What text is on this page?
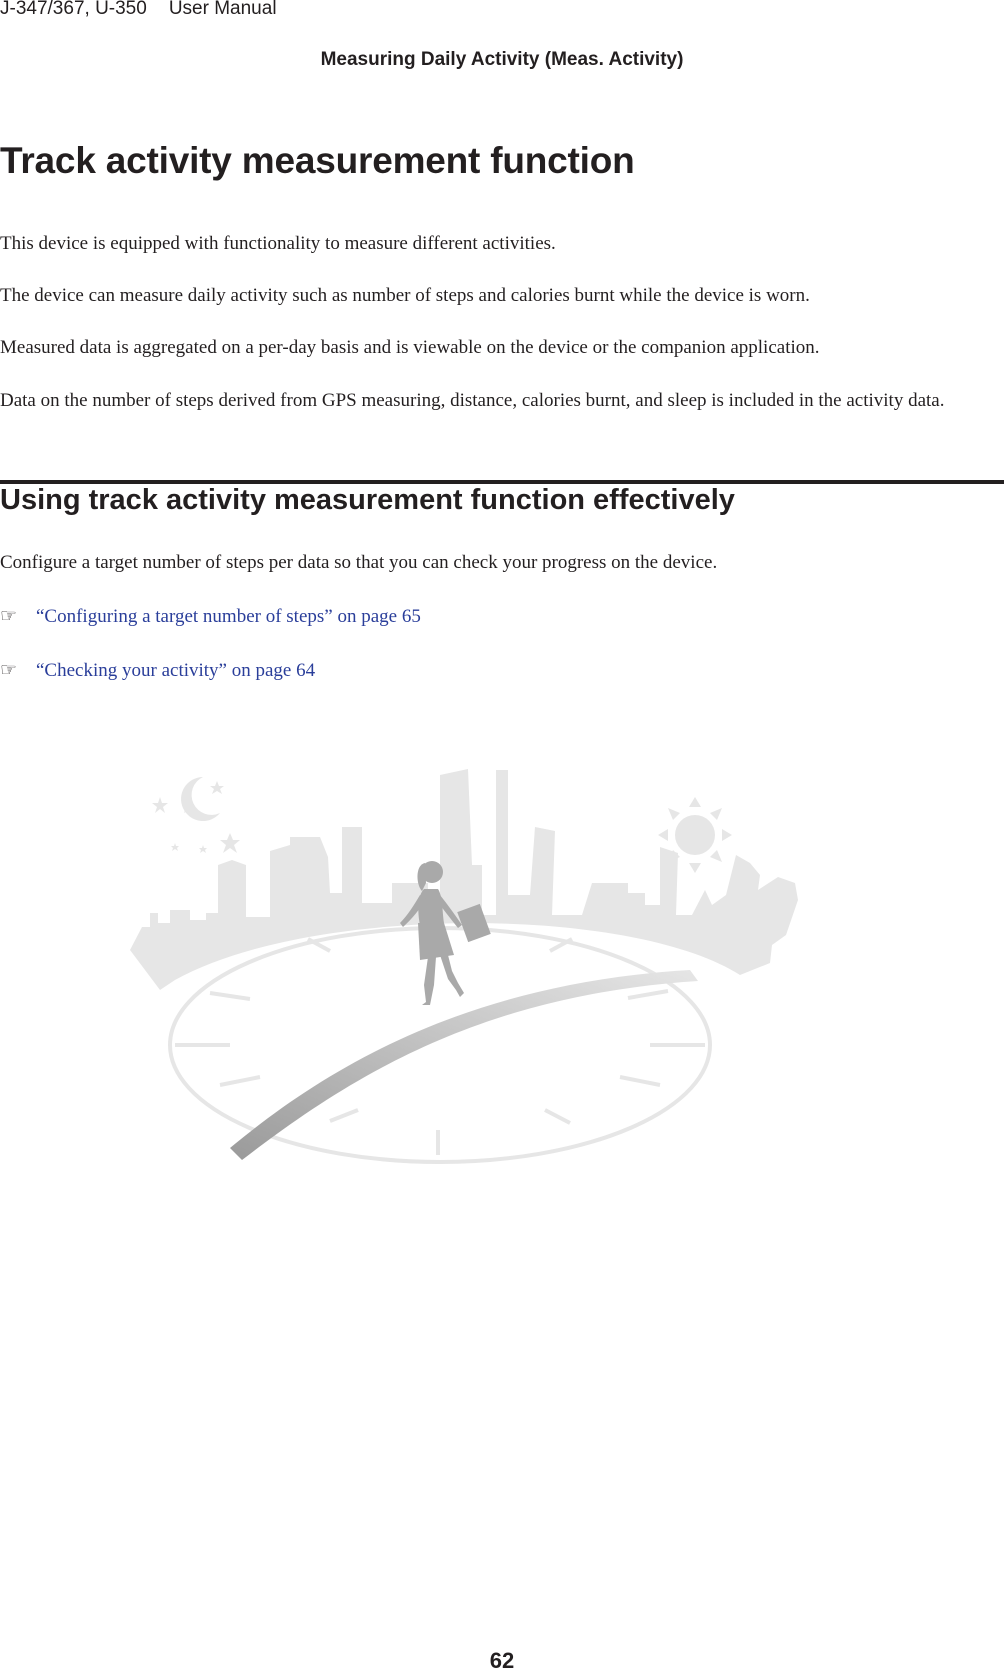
J-347/367, U-350 User Manual
Measuring Daily Activity (Meas. Activity)
Track activity measurement function

This device is equipped with functionality to measure different activities.

The device can measure daily activity such as number of steps and calories burnt while the device is worn.

Measured data is aggregated on a per-day basis and is viewable on the device or the companion application.

Data on the number of steps derived from GPS measuring, distance, calories burnt, and sleep is included in the activity data.

Using track activity measurement function effectively

Configure a target number of steps per data so that you can check your progress on the device.

☞ “Configuring a target number of steps” on page 65
☞ “Checking your activity” on page 64
62
